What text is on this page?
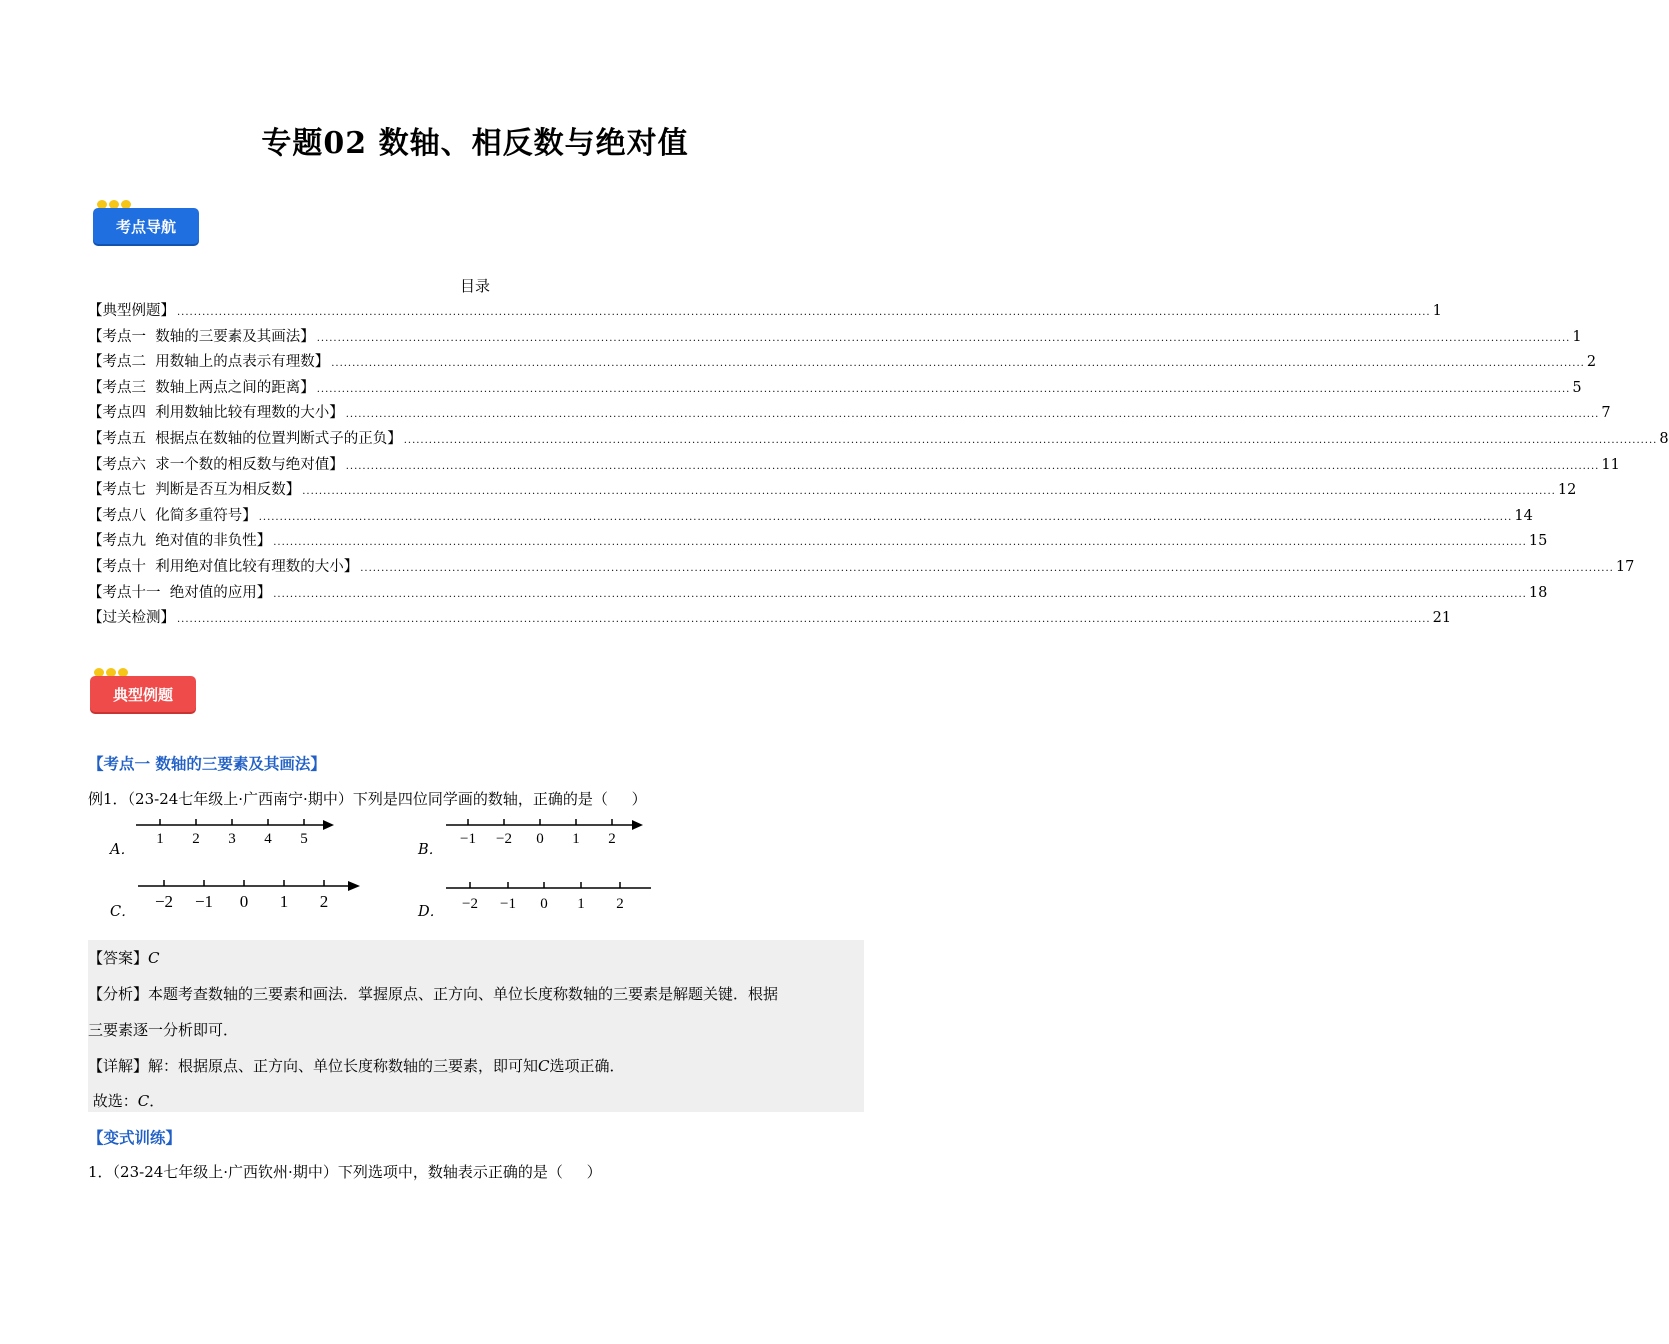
专题02 数轴、相反数与绝对值
考点导航
目录
【典型例题】 ............................................................................................................................................................................................................................................................................................................ 1
【考点一  数轴的三要素及其画法】 ............................................................................................................................................................................................................................................................................................................ 1
【考点二  用数轴上的点表示有理数】 ............................................................................................................................................................................................................................................................................................................ 2
【考点三  数轴上两点之间的距离】 ............................................................................................................................................................................................................................................................................................................ 5
【考点四  利用数轴比较有理数的大小】 ............................................................................................................................................................................................................................................................................................................ 7
【考点五  根据点在数轴的位置判断式子的正负】 ............................................................................................................................................................................................................................................................................................................ 8
【考点六  求一个数的相反数与绝对值】 ............................................................................................................................................................................................................................................................................................................ 11
【考点七  判断是否互为相反数】 ............................................................................................................................................................................................................................................................................................................ 12
【考点八  化简多重符号】 ............................................................................................................................................................................................................................................................................................................ 14
【考点九  绝对值的非负性】 ............................................................................................................................................................................................................................................................................................................ 15
【考点十  利用绝对值比较有理数的大小】 ............................................................................................................................................................................................................................................................................................................ 17
【考点十一  绝对值的应用】 ............................................................................................................................................................................................................................................................................................................ 18
【过关检测】 ............................................................................................................................................................................................................................................................................................................ 21
典型例题
【考点一 数轴的三要素及其画法】
例1．（23-24七年级上·广西南宁·期中）下列是四位同学画的数轴，正确的是（     ）
A．
1 2 3 4 5
B．
−1 −2 0 1 2
C．
−2 −1 0 1 2
D． −2 −1 0 1 2
【答案】C
【分析】本题考查数轴的三要素和画法．掌握原点、正方向、单位长度称数轴的三要素是解题关键．根据
三要素逐一分析即可．
【详解】解：根据原点、正方向、单位长度称数轴的三要素，即可知C选项正确．
故选：C．
【变式训练】
1．（23-24七年级上·广西钦州·期中）下列选项中，数轴表示正确的是（     ）
